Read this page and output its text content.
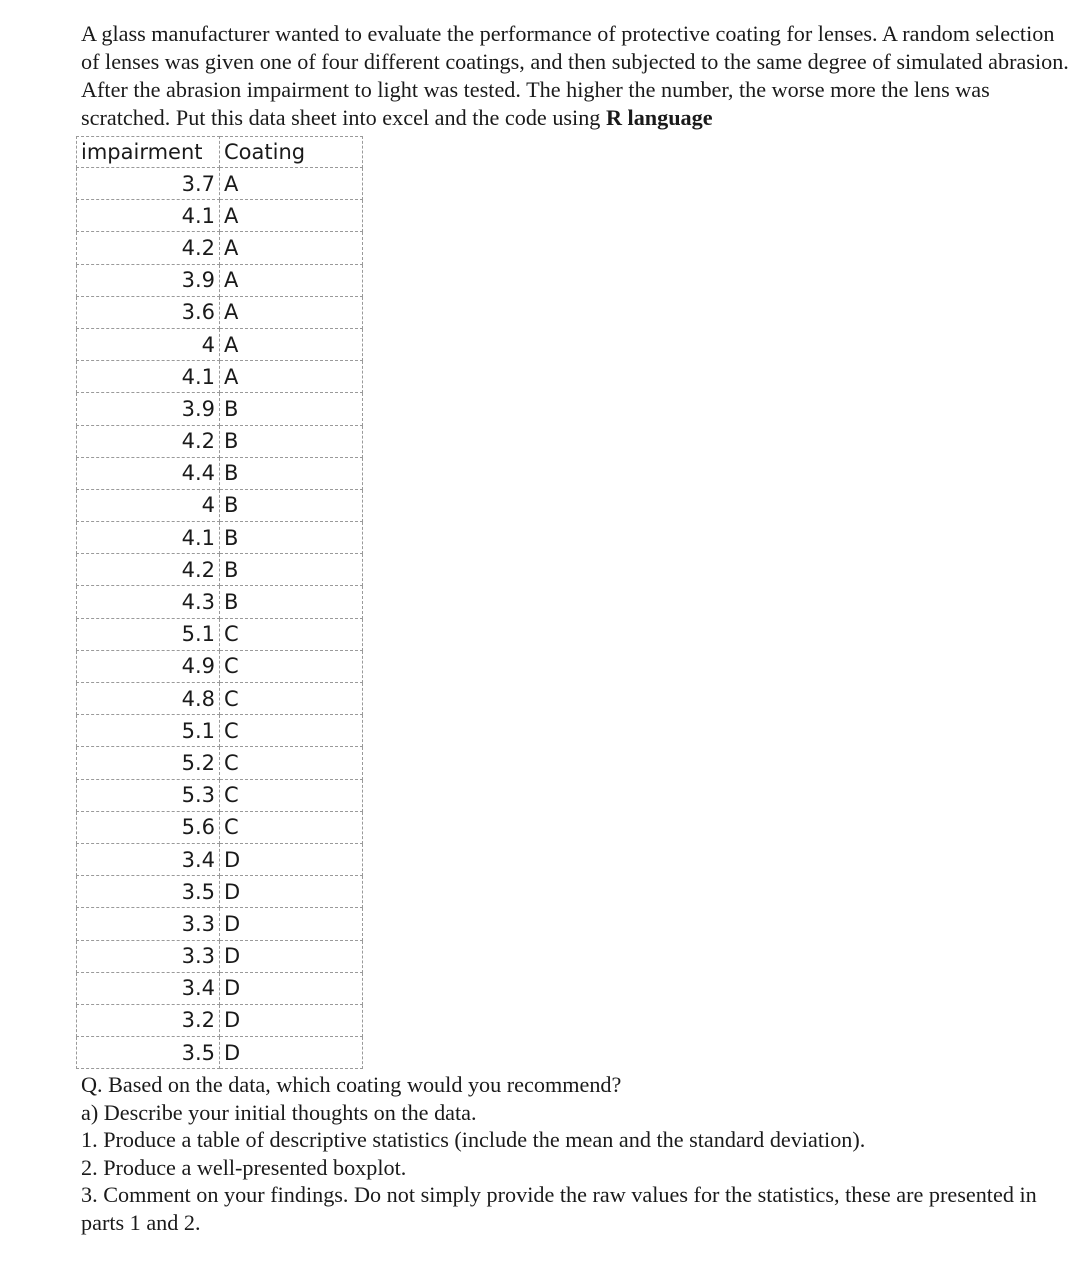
A glass manufacturer wanted to evaluate the performance of protective coating for lenses. A random selection of lenses was given one of four different coatings, and then subjected to the same degree of simulated abrasion. After the abrasion impairment to light was tested. The higher the number, the worse more the lens was scratched. Put this data sheet into excel and the code using R language

impairment	Coating
3.7	A
4.1	A
4.2	A
3.9	A
3.6	A
4	A
4.1	A
3.9	B
4.2	B
4.4	B
4	B
4.1	B
4.2	B
4.3	B
5.1	C
4.9	C
4.8	C
5.1	C
5.2	C
5.3	C
5.6	C
3.4	D
3.5	D
3.3	D
3.3	D
3.4	D
3.2	D
3.5	D

Q. Based on the data, which coating would you recommend?

a) Describe your initial thoughts on the data.

1. Produce a table of descriptive statistics (include the mean and the standard deviation).

2. Produce a well-presented boxplot.

3. Comment on your findings. Do not simply provide the raw values for the statistics, these are presented in parts 1 and 2.
